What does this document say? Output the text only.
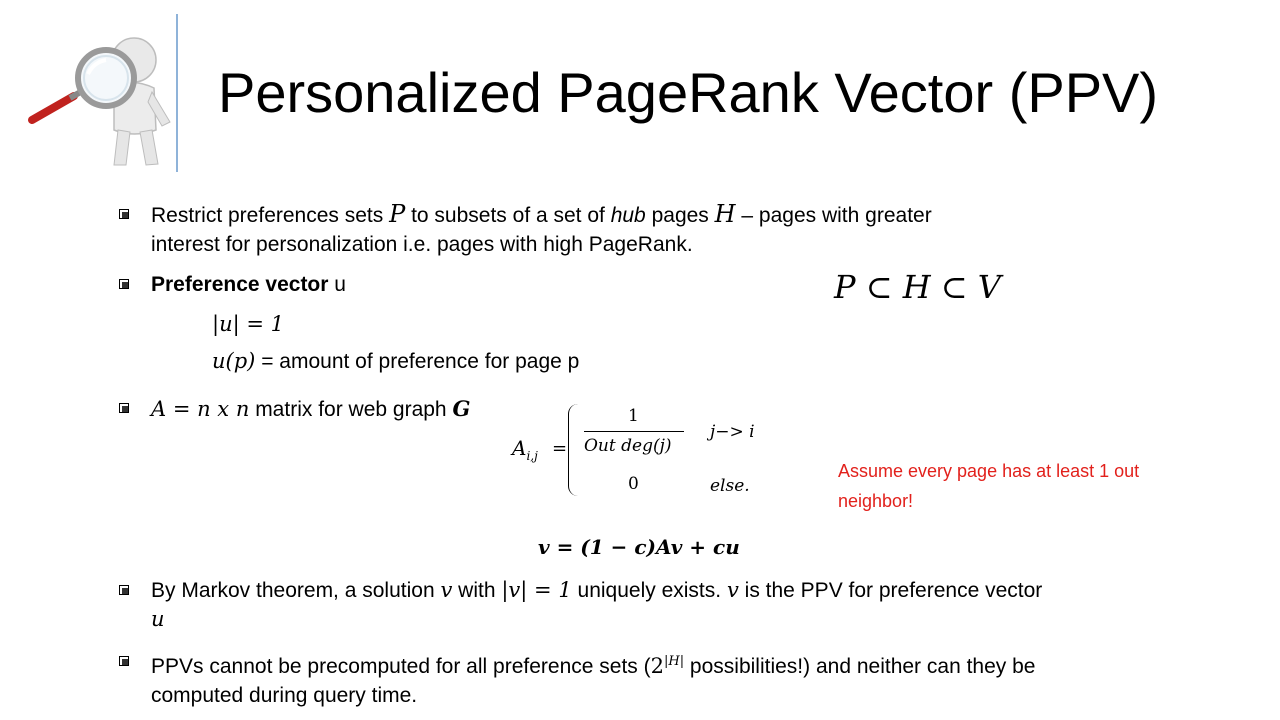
Personalized PageRank Vector (PPV)
Restrict preferences sets P to subsets of a set of hub pages H – pages with greater
interest for personalization i.e. pages with high PageRank.
Preference vector u
|u| = 1
u(p) = amount of preference for page p
P ⊂ H ⊂ V
A = n x n matrix for web graph G
$A_{i,j}$ =
1
Out deg(j)
j−> i
0	else.
Assume every page has at least 1 out neighbor!
v = (1 − c)Av + cu
By Markov theorem, a solution v with |v| = 1 uniquely exists. v is the PPV for preference vector
u
PPVs cannot be precomputed for all preference sets ($2^{|H|}$ possibilities!) and neither can they be
computed during query time.
